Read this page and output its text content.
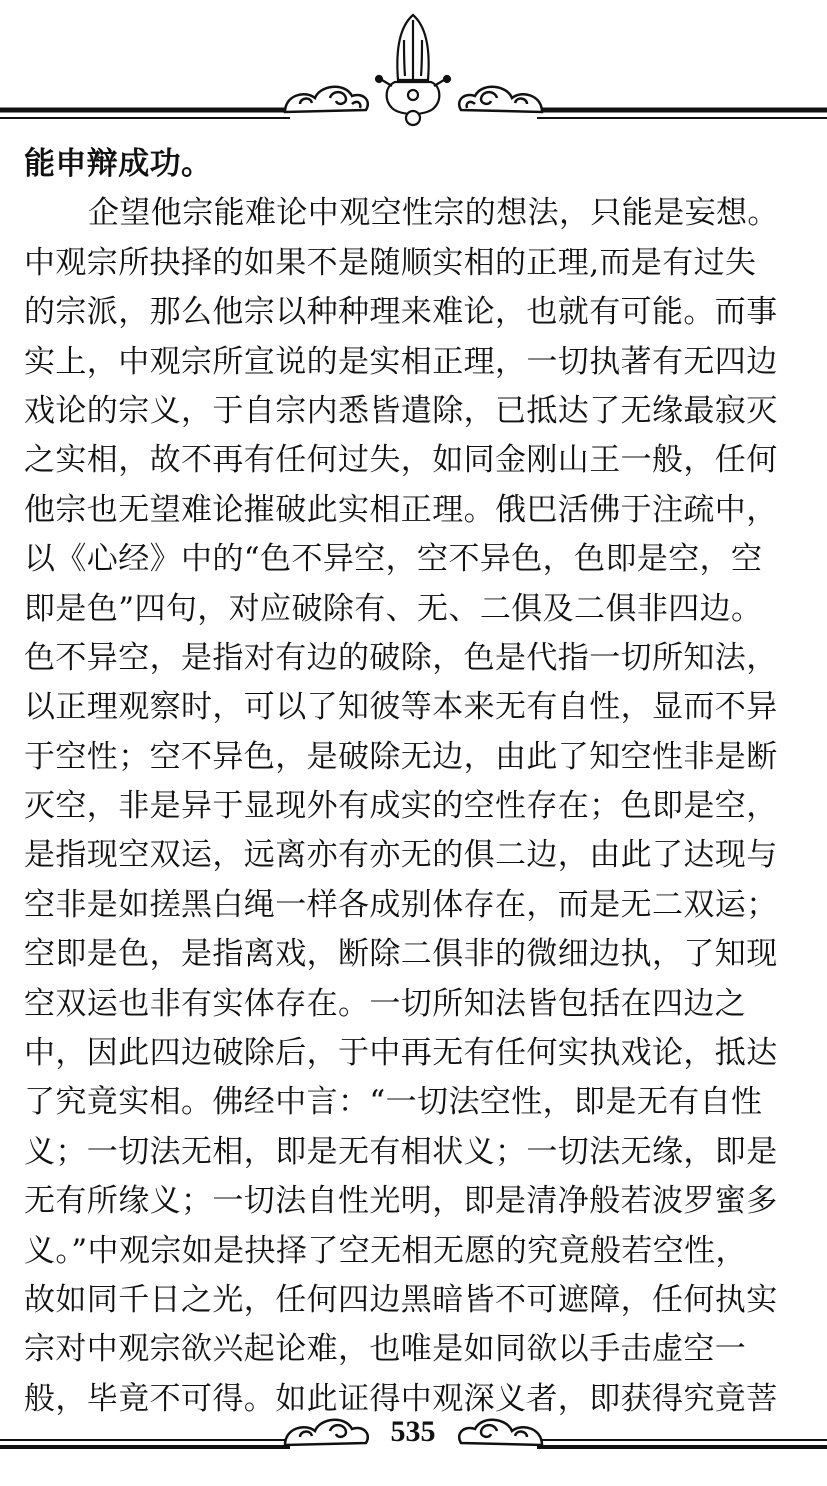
能申辩成功。
企望他宗能难论中观空性宗的想法，只能是妄想。
中观宗所抉择的如果不是随顺实相的正理,而是有过失
的宗派，那么他宗以种种理来难论，也就有可能。而事
实上，中观宗所宣说的是实相正理，一切执著有无四边
戏论的宗义，于自宗内悉皆遣除，已抵达了无缘最寂灭
之实相，故不再有任何过失，如同金刚山王一般，任何
他宗也无望难论摧破此实相正理。俄巴活佛于注疏中，
以《心经》中的“色不异空，空不异色，色即是空，空
即是色”四句，对应破除有、无、二俱及二俱非四边。
色不异空，是指对有边的破除，色是代指一切所知法，
以正理观察时，可以了知彼等本来无有自性，显而不异
于空性；空不异色，是破除无边，由此了知空性非是断
灭空，非是异于显现外有成实的空性存在；色即是空，
是指现空双运，远离亦有亦无的俱二边，由此了达现与
空非是如搓黑白绳一样各成别体存在，而是无二双运；
空即是色，是指离戏，断除二俱非的微细边执，了知现
空双运也非有实体存在。一切所知法皆包括在四边之
中，因此四边破除后，于中再无有任何实执戏论，抵达
了究竟实相。佛经中言：“一切法空性，即是无有自性
义；一切法无相，即是无有相状义；一切法无缘，即是
无有所缘义；一切法自性光明，即是清净般若波罗蜜多
义。”中观宗如是抉择了空无相无愿的究竟般若空性，
故如同千日之光，任何四边黑暗皆不可遮障，任何执实
宗对中观宗欲兴起论难，也唯是如同欲以手击虚空一
般，毕竟不可得。如此证得中观深义者，即获得究竟菩
535
